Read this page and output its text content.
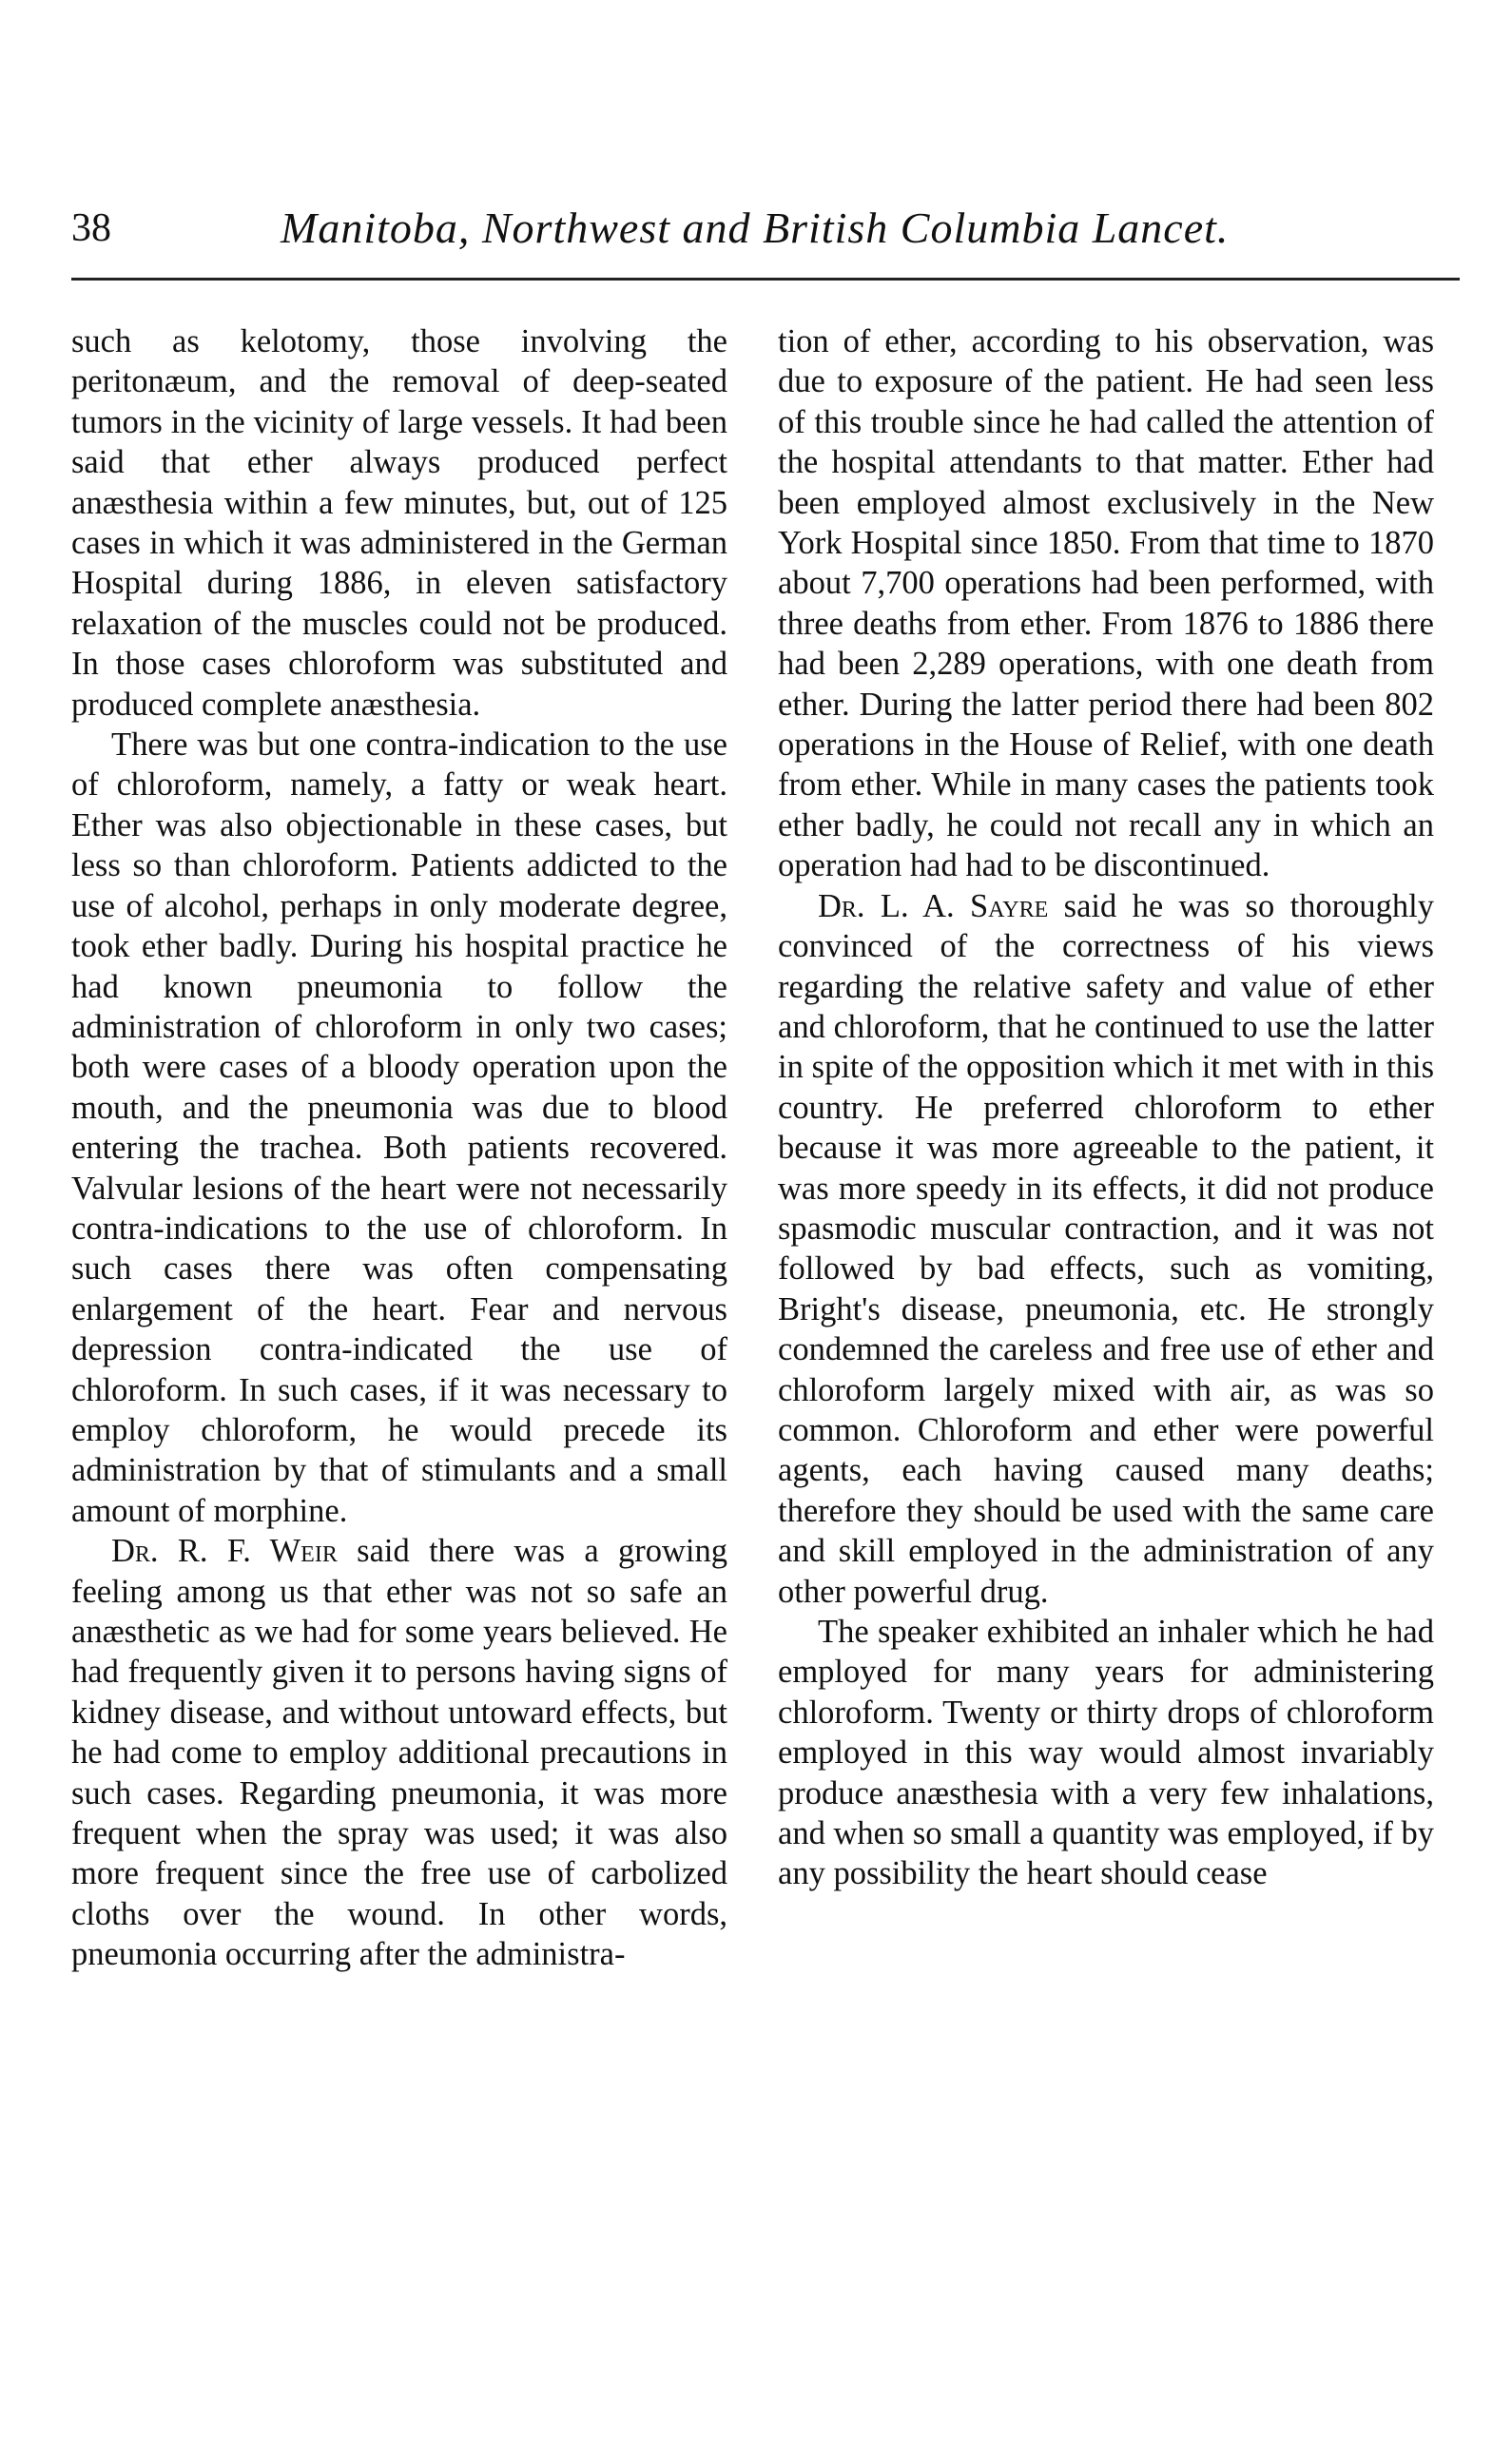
38	Manitoba, Northwest and British Columbia Lancet.

such as kelotomy, those involving the peritonæum, and the removal of deep-seated tumors in the vicinity of large vessels. It had been said that ether always produced perfect anæsthesia within a few minutes, but, out of 125 cases in which it was administered in the German Hospital during 1886, in eleven satisfactory relaxation of the muscles could not be produced. In those cases chloroform was substituted and produced complete anæsthesia.

There was but one contra-indication to the use of chloroform, namely, a fatty or weak heart. Ether was also objectionable in these cases, but less so than chloroform. Patients addicted to the use of alcohol, perhaps in only moderate degree, took ether badly. During his hospital practice he had known pneumonia to follow the administration of chloroform in only two cases; both were cases of a bloody operation upon the mouth, and the pneumonia was due to blood entering the trachea. Both patients recovered. Valvular lesions of the heart were not necessarily contra-indications to the use of chloroform. In such cases there was often compensating enlargement of the heart. Fear and nervous depression contra-indicated the use of chloroform. In such cases, if it was necessary to employ chloroform, he would precede its administration by that of stimulants and a small amount of morphine.

Dr. R. F. Weir said there was a growing feeling among us that ether was not so safe an anæsthetic as we had for some years believed. He had frequently given it to persons having signs of kidney disease, and without untoward effects, but he had come to employ additional precautions in such cases. Regarding pneumonia, it was more frequent when the spray was used; it was also more frequent since the free use of carbolized cloths over the wound. In other words, pneumonia occurring after the administra-

tion of ether, according to his observation, was due to exposure of the patient. He had seen less of this trouble since he had called the attention of the hospital attendants to that matter. Ether had been employed almost exclusively in the New York Hospital since 1850. From that time to 1870 about 7,700 operations had been performed, with three deaths from ether. From 1876 to 1886 there had been 2,289 operations, with one death from ether. During the latter period there had been 802 operations in the House of Relief, with one death from ether. While in many cases the patients took ether badly, he could not recall any in which an operation had had to be discontinued.

Dr. L. A. Sayre said he was so thoroughly convinced of the correctness of his views regarding the relative safety and value of ether and chloroform, that he continued to use the latter in spite of the opposition which it met with in this country. He preferred chloroform to ether because it was more agreeable to the patient, it was more speedy in its effects, it did not produce spasmodic muscular contraction, and it was not followed by bad effects, such as vomiting, Bright's disease, pneumonia, etc. He strongly condemned the careless and free use of ether and chloroform largely mixed with air, as was so common. Chloroform and ether were powerful agents, each having caused many deaths; therefore they should be used with the same care and skill employed in the administration of any other powerful drug.

The speaker exhibited an inhaler which he had employed for many years for administering chloroform. Twenty or thirty drops of chloroform employed in this way would almost invariably produce anæsthesia with a very few inhalations, and when so small a quantity was employed, if by any possibility the heart should cease
